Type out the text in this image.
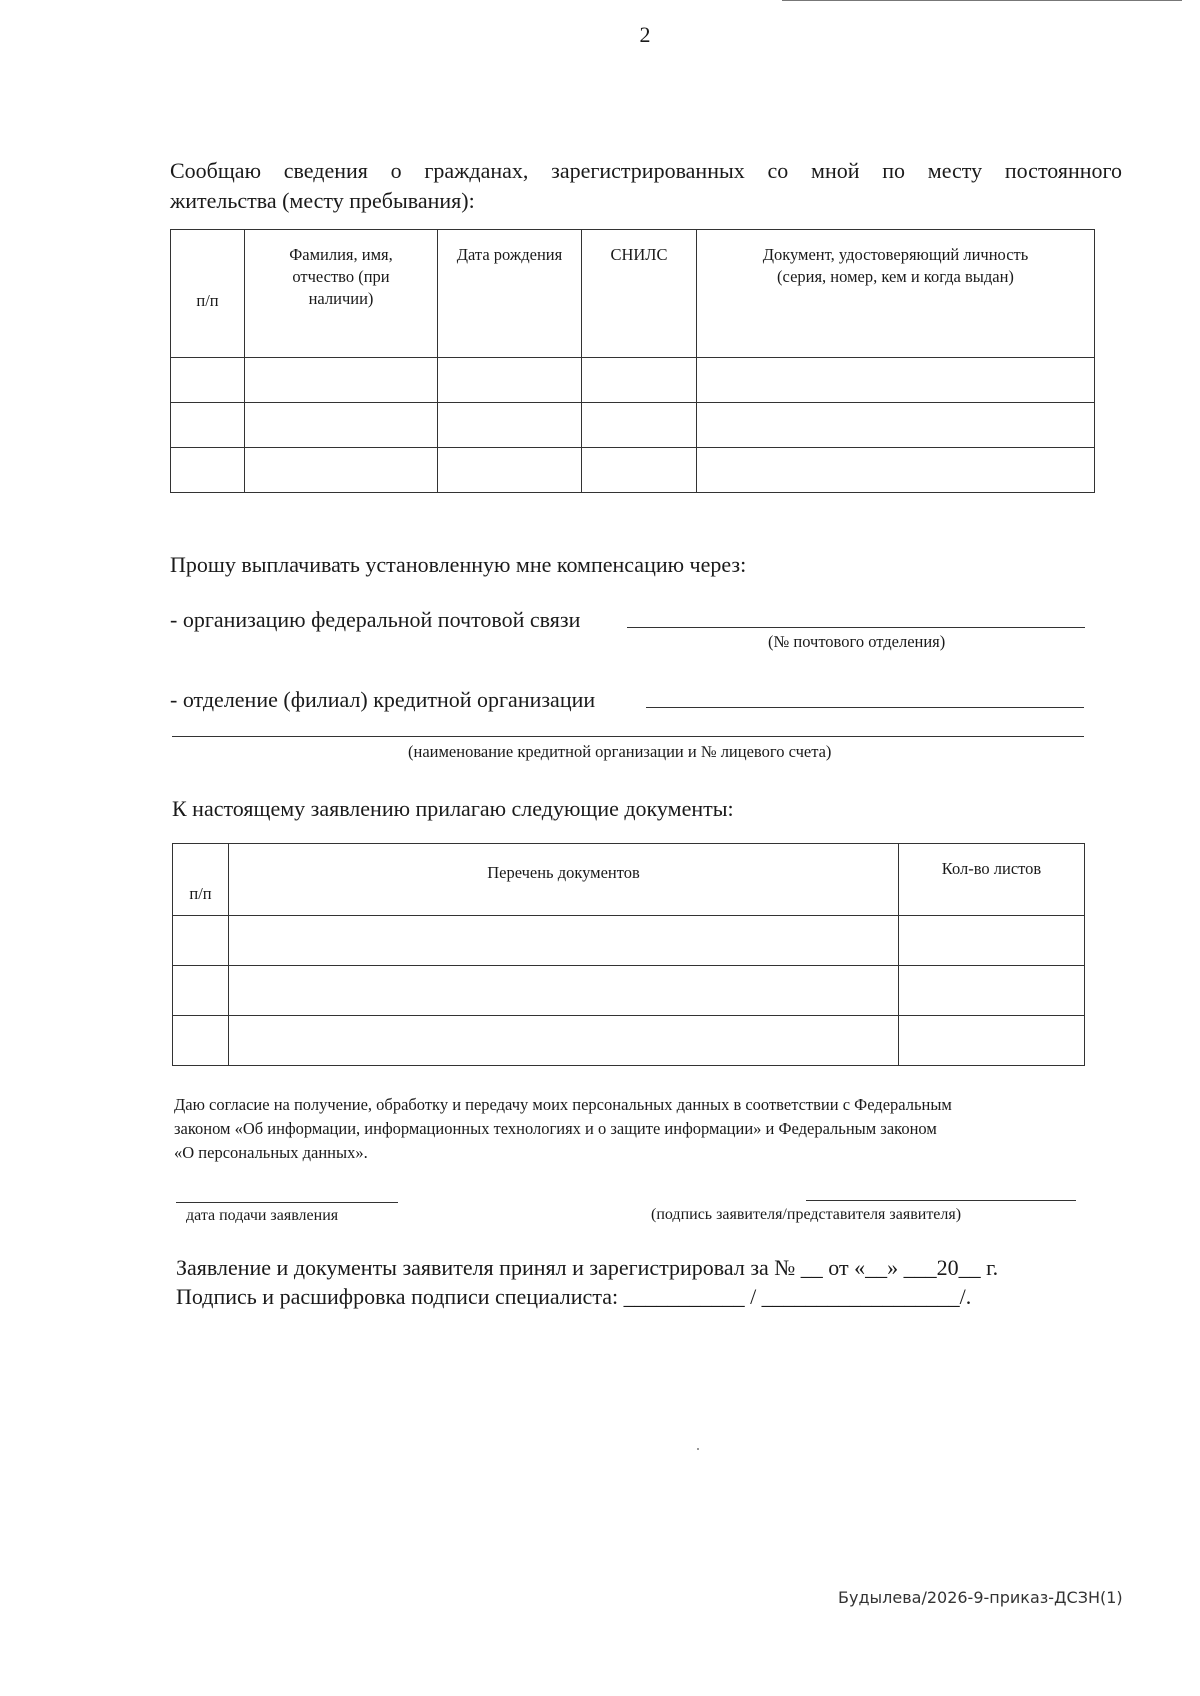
2
Сообщаю сведения о гражданах, зарегистрированных со мной по месту постоянного
жительства (месту пребывания):
п/п	Фамилия, имя, отчество (при наличии)	Дата рождения	СНИЛС	Документ, удостоверяющий личность (серия, номер, кем и когда выдан)

Прошу выплачивать установленную мне компенсацию через:
- организацию федеральной почтовой связи
(№ почтового отделения)
- отделение (филиал) кредитной организации
(наименование кредитной организации и № лицевого счета)
К настоящему заявлению прилагаю следующие документы:
п/п	Перечень документов	Кол-во листов

Даю согласие на получение, обработку и передачу моих персональных данных в соответствии с Федеральным
законом «Об информации, информационных технологиях и о защите информации» и Федеральным законом
«О персональных данных».
дата подачи заявления	(подпись заявителя/представителя заявителя)
Заявление и документы заявителя принял и зарегистрировал за № __ от «__» ___20__ г.
Подпись и расшифровка подписи специалиста: ___________ / __________________/.
Будылева/2026-9-приказ-ДСЗН(1)
